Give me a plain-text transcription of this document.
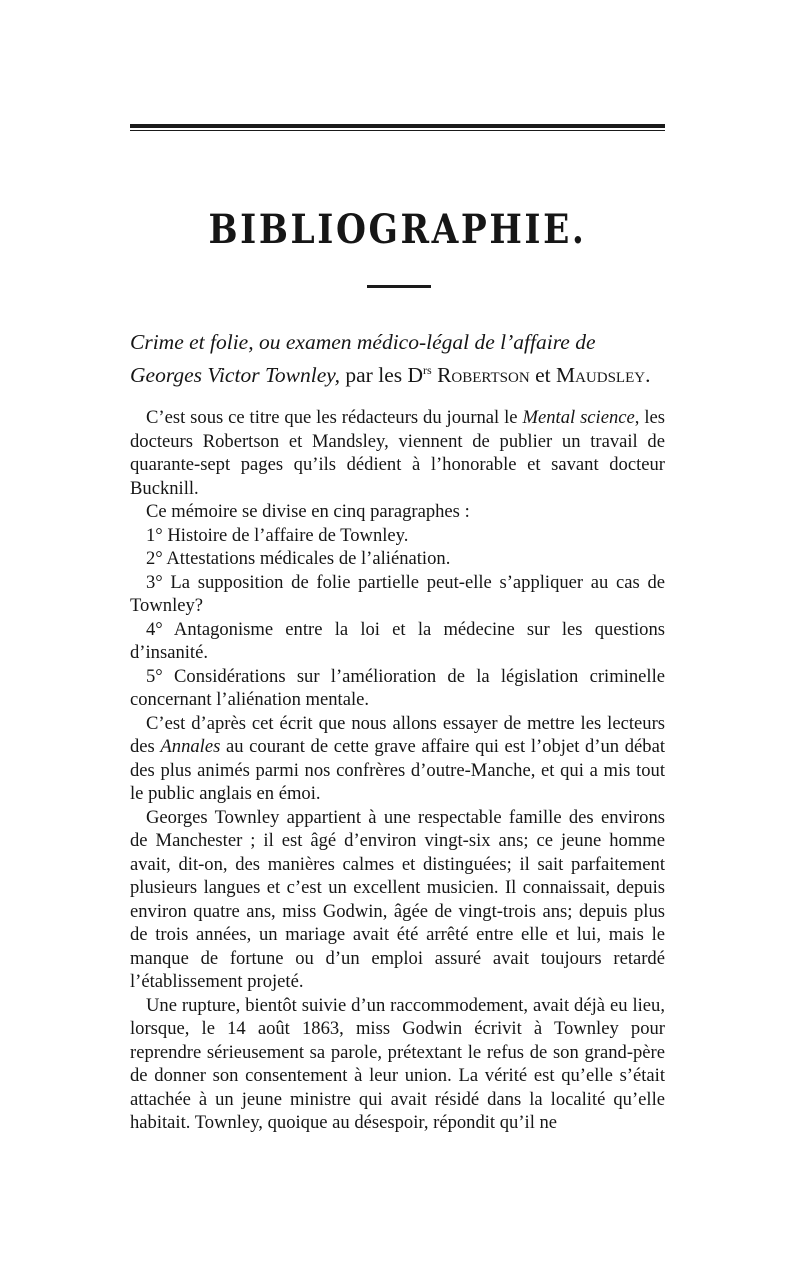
BIBLIOGRAPHIE.

Crime et folie, ou examen médico-légal de l’affaire de Georges Victor Townley, par les $D^{rs}$ Robertson et Maudsley.

C’est sous ce titre que les rédacteurs du journal le Mental science, les docteurs Robertson et Mandsley, viennent de publier un travail de quarante-sept pages qu’ils dédient à l’honorable et savant docteur Bucknill.

Ce mémoire se divise en cinq paragraphes :

1° Histoire de l’affaire de Townley.

2° Attestations médicales de l’aliénation.

3° La supposition de folie partielle peut-elle s’appliquer au cas de Townley?

4° Antagonisme entre la loi et la médecine sur les questions d’insanité.

5° Considérations sur l’amélioration de la législation criminelle concernant l’aliénation mentale.

C’est d’après cet écrit que nous allons essayer de mettre les lecteurs des Annales au courant de cette grave affaire qui est l’objet d’un débat des plus animés parmi nos confrères d’outre-Manche, et qui a mis tout le public anglais en émoi.

Georges Townley appartient à une respectable famille des environs de Manchester ; il est âgé d’environ vingt-six ans; ce jeune homme avait, dit-on, des manières calmes et distinguées; il sait parfaitement plusieurs langues et c’est un excellent musicien. Il connaissait, depuis environ quatre ans, miss Godwin, âgée de vingt-trois ans; depuis plus de trois années, un mariage avait été arrêté entre elle et lui, mais le manque de fortune ou d’un emploi assuré avait toujours retardé l’établissement projeté.

Une rupture, bientôt suivie d’un raccommodement, avait déjà eu lieu, lorsque, le 14 août 1863, miss Godwin écrivit à Townley pour reprendre sérieusement sa parole, prétextant le refus de son grand-père de donner son consentement à leur union. La vérité est qu’elle s’était attachée à un jeune ministre qui avait résidé dans la localité qu’elle habitait. Townley, quoique au désespoir, répondit qu’il ne
